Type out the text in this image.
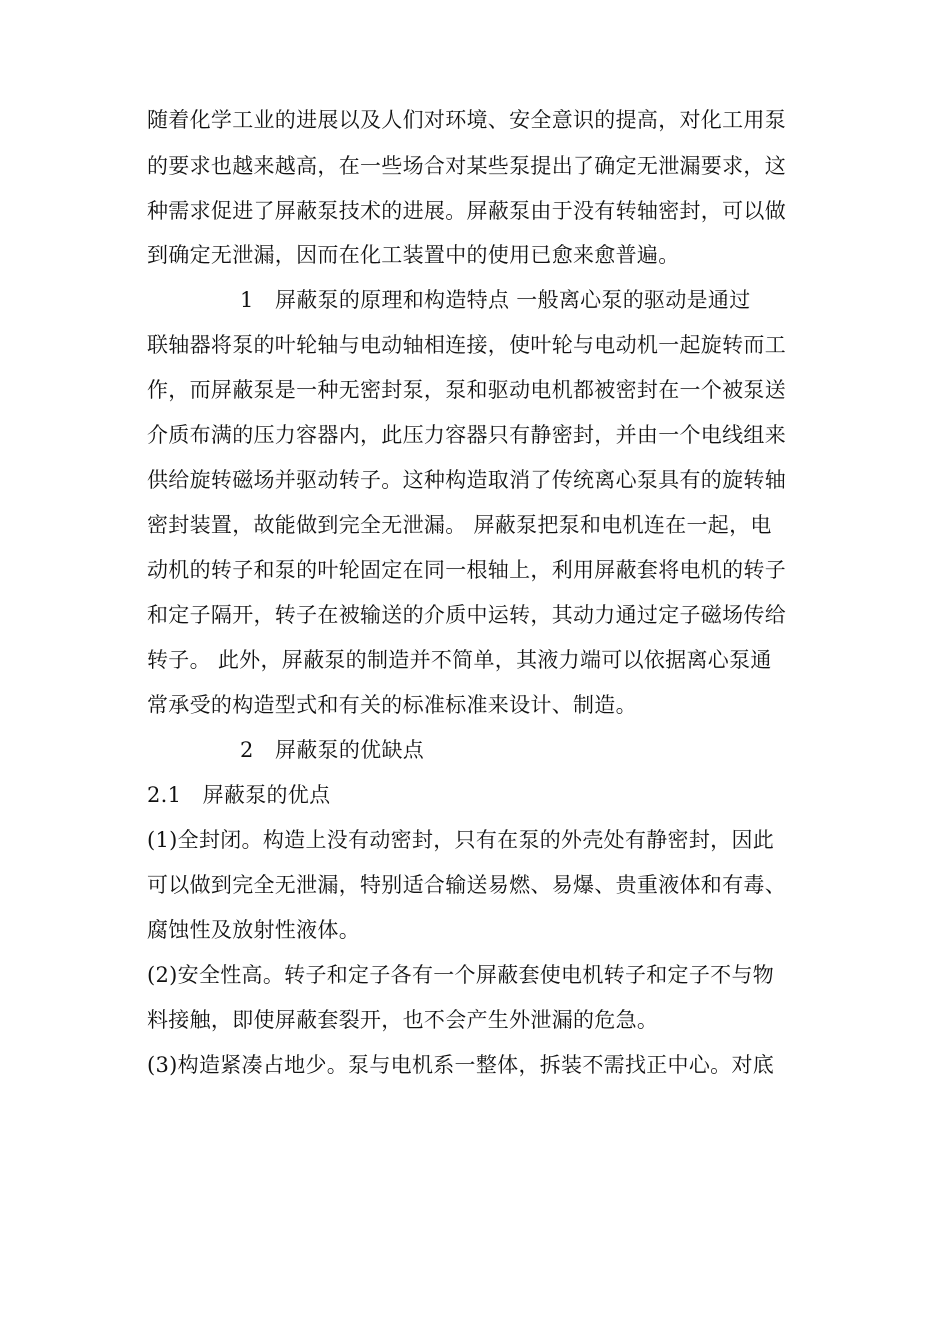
随着化学工业的进展以及人们对环境、安全意识的提高，对化工用泵
的要求也越来越高，在一些场合对某些泵提出了确定无泄漏要求，这
种需求促进了屏蔽泵技术的进展。屏蔽泵由于没有转轴密封，可以做
到确定无泄漏，因而在化工装置中的使用已愈来愈普遍。
1　屏蔽泵的原理和构造特点 一般离心泵的驱动是通过
联轴器将泵的叶轮轴与电动轴相连接，使叶轮与电动机一起旋转而工
作，而屏蔽泵是一种无密封泵，泵和驱动电机都被密封在一个被泵送
介质布满的压力容器内，此压力容器只有静密封，并由一个电线组来
供给旋转磁场并驱动转子。这种构造取消了传统离心泵具有的旋转轴
密封装置，故能做到完全无泄漏。 屏蔽泵把泵和电机连在一起，电
动机的转子和泵的叶轮固定在同一根轴上，利用屏蔽套将电机的转子
和定子隔开，转子在被输送的介质中运转，其动力通过定子磁场传给
转子。 此外，屏蔽泵的制造并不简单，其液力端可以依据离心泵通
常承受的构造型式和有关的标准标准来设计、制造。
2　屏蔽泵的优缺点
2.1　屏蔽泵的优点
(1)全封闭。构造上没有动密封，只有在泵的外壳处有静密封，因此
可以做到完全无泄漏，特别适合输送易燃、易爆、贵重液体和有毒、
腐蚀性及放射性液体。
(2)安全性高。转子和定子各有一个屏蔽套使电机转子和定子不与物
料接触，即使屏蔽套裂开，也不会产生外泄漏的危急。
(3)构造紧凑占地少。泵与电机系一整体，拆装不需找正中心。对底
